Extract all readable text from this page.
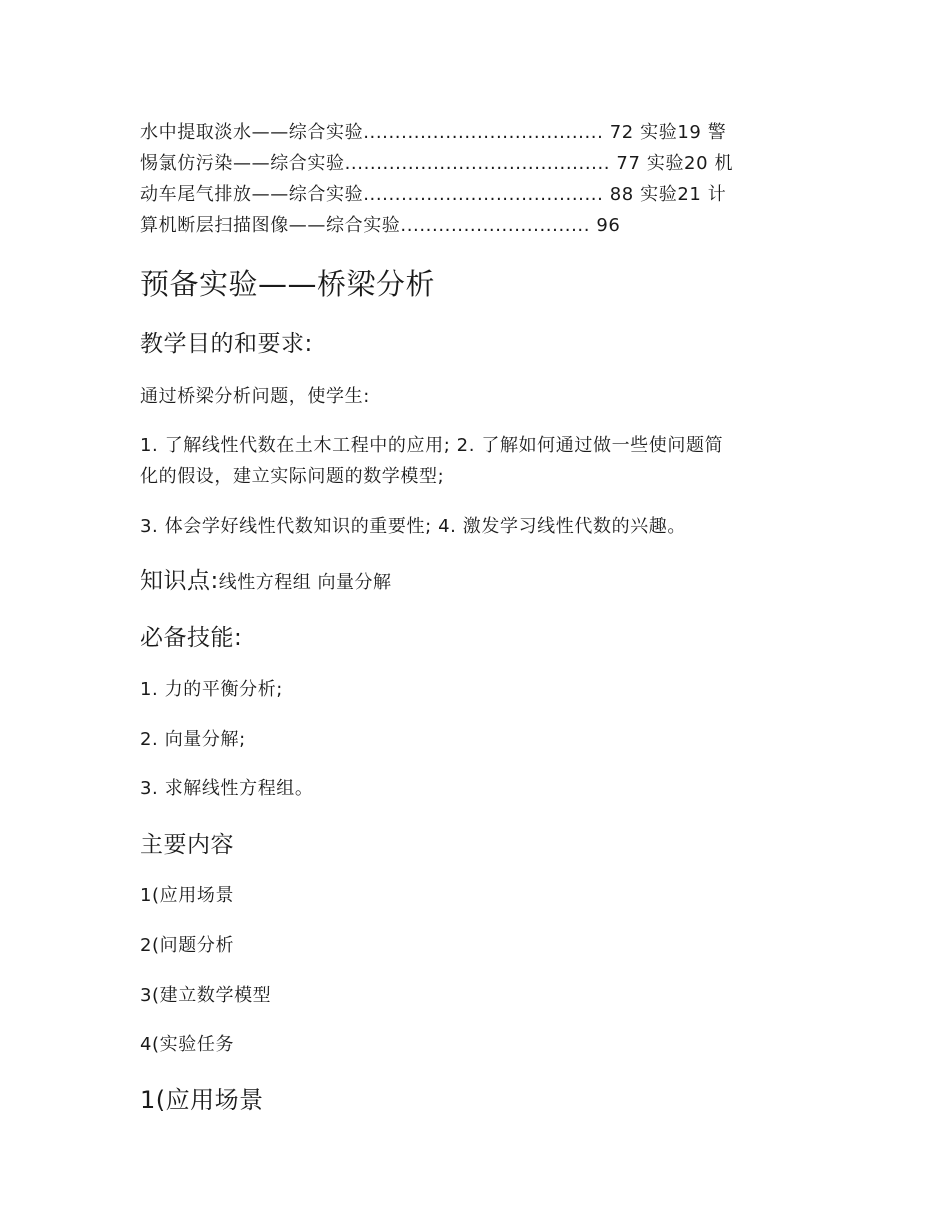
水中提取淡水——综合实验...................................... 72 实验19 警
惕氯仿污染——综合实验.......................................... 77 实验20 机
动车尾气排放——综合实验...................................... 88 实验21 计
算机断层扫描图像——综合实验.............................. 96
预备实验——桥梁分析
教学目的和要求:
通过桥梁分析问题，使学生:
1. 了解线性代数在土木工程中的应用; 2. 了解如何通过做一些使问题简
化的假设，建立实际问题的数学模型;
3. 体会学好线性代数知识的重要性; 4. 激发学习线性代数的兴趣。
知识点:线性方程组 向量分解
必备技能:
1. 力的平衡分析;
2. 向量分解;
3. 求解线性方程组。
主要内容
1(应用场景
2(问题分析
3(建立数学模型
4(实验任务
1(应用场景
